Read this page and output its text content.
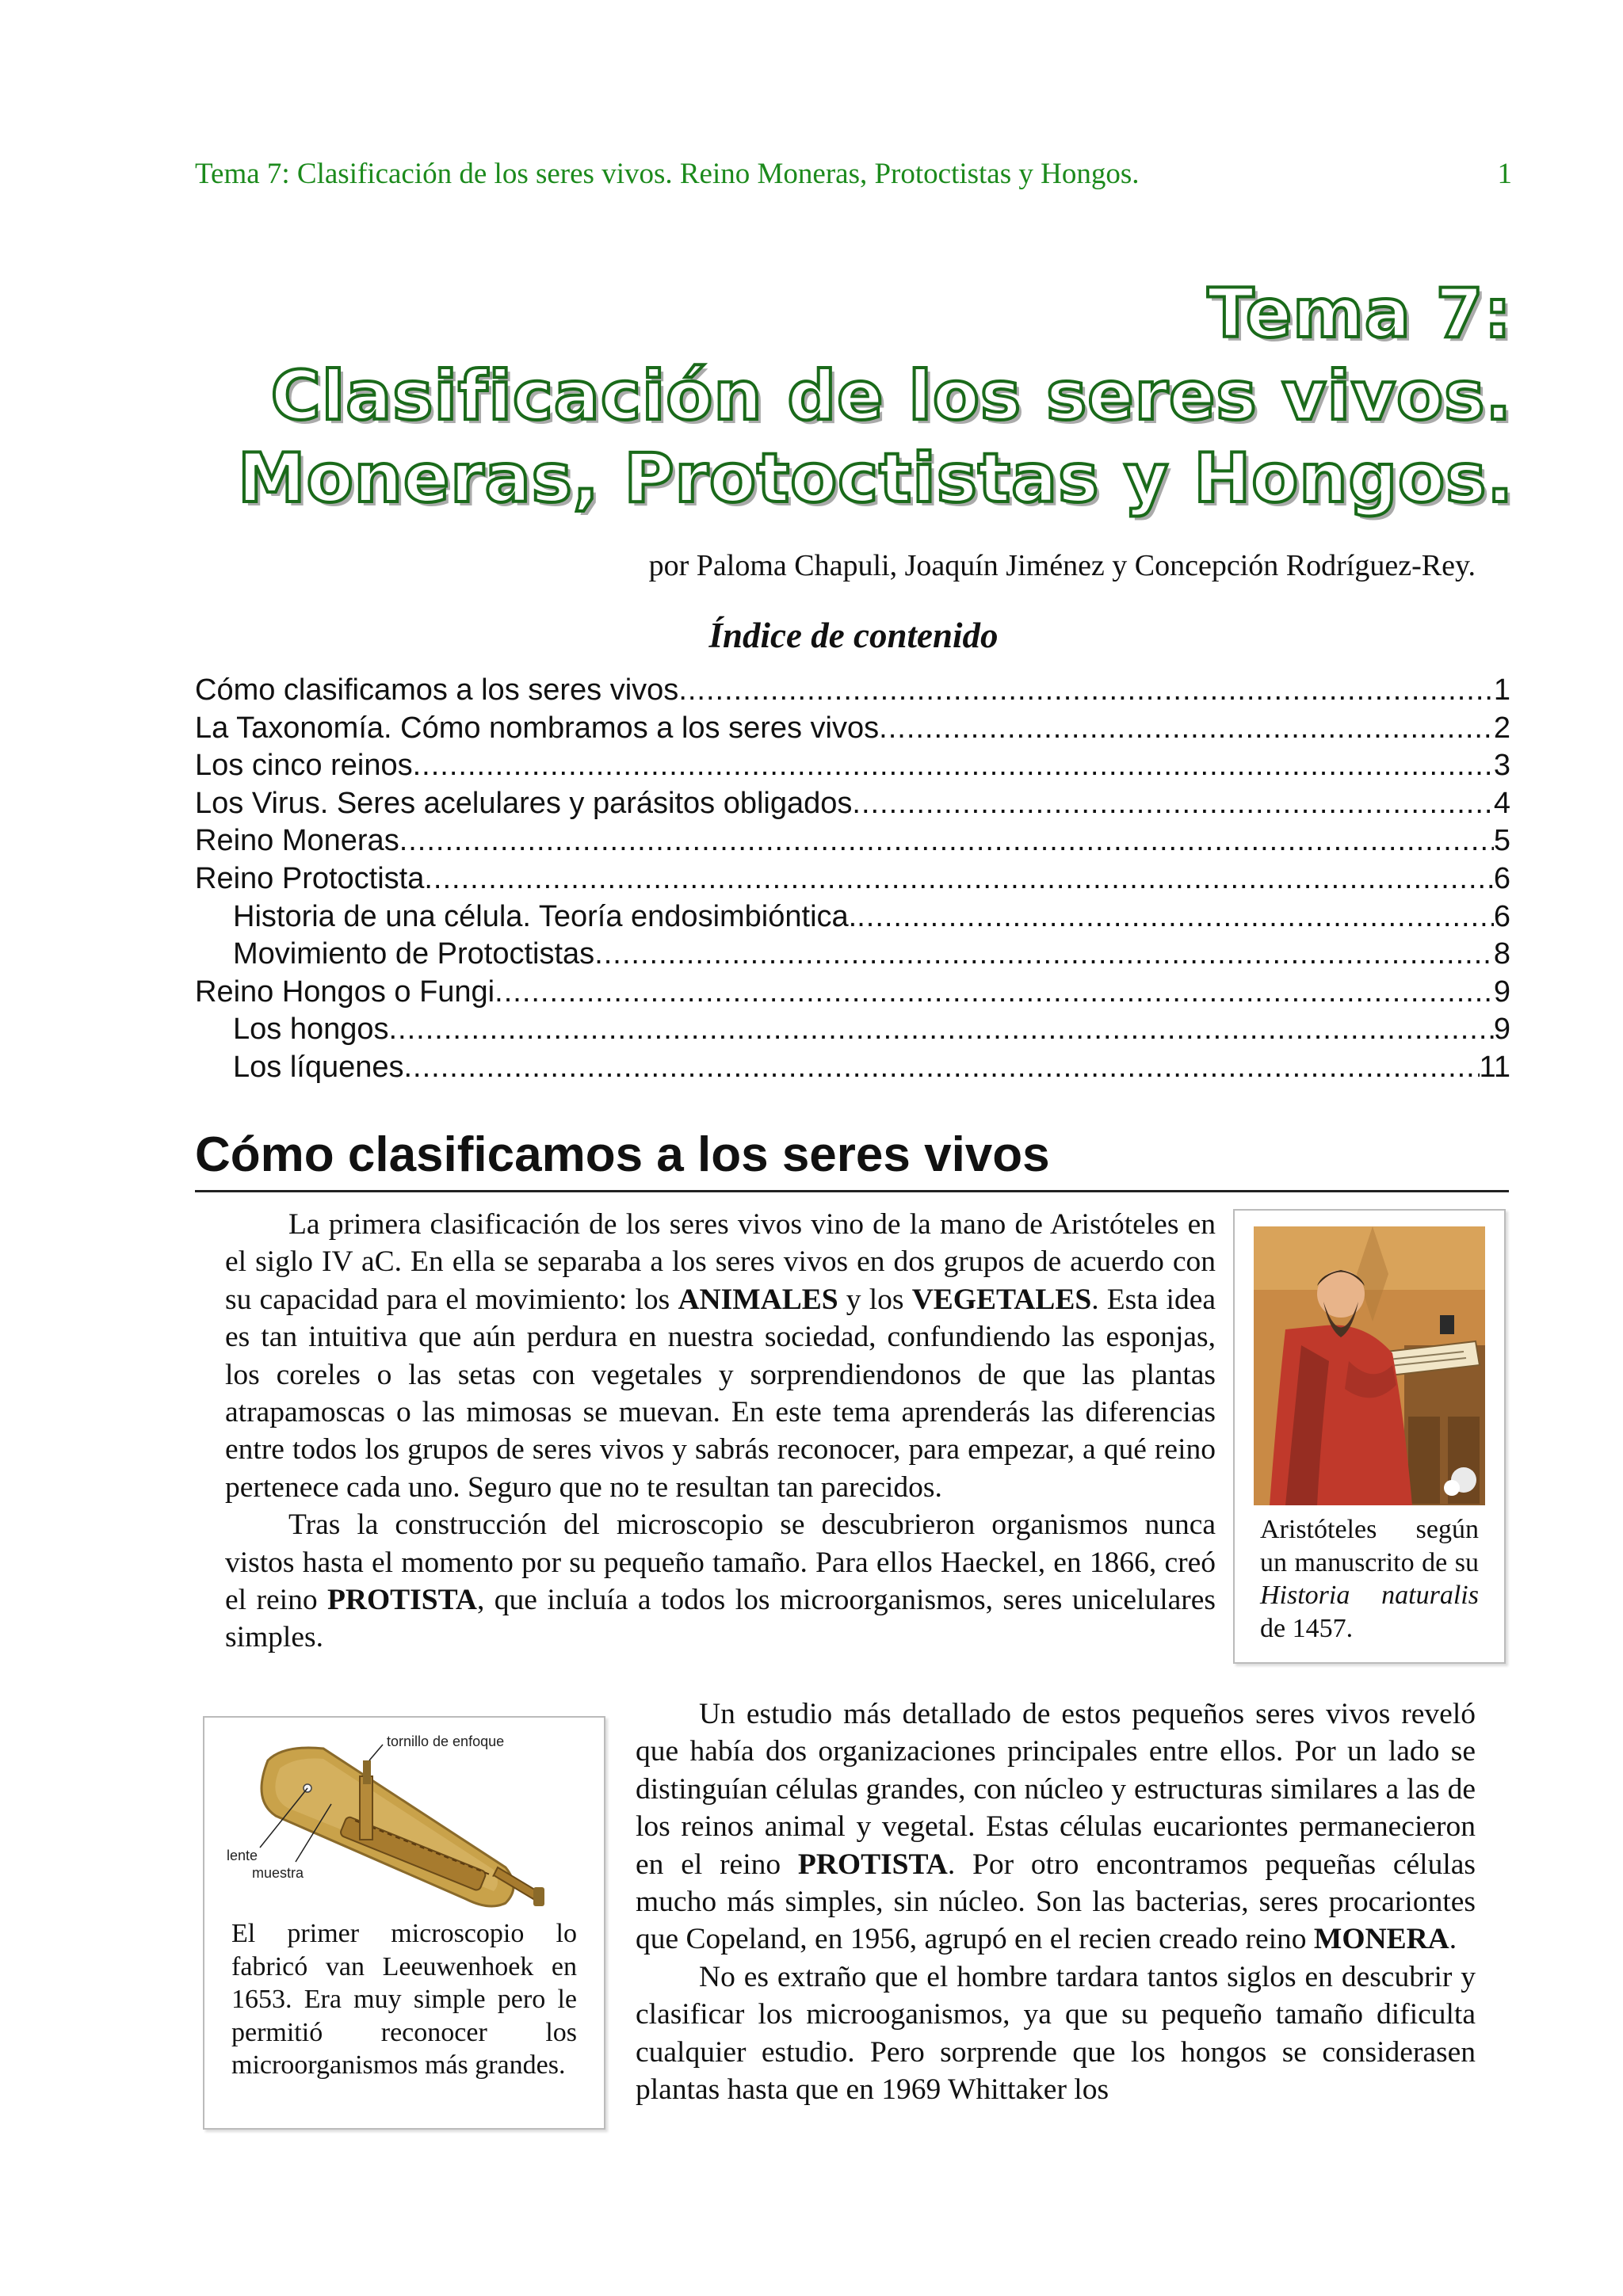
Tema 7: Clasificación de los seres vivos. Reino Moneras, Protoctistas y Hongos.	1
Tema 7:
Clasificación de los seres vivos.
Moneras, Protoctistas y Hongos.
por Paloma Chapuli, Joaquín Jiménez y Concepción Rodríguez-Rey.
Índice de contenido
Cómo clasificamos a los seres vivos .....	1
La Taxonomía. Cómo nombramos a los seres vivos .....	2
Los cinco reinos .....	3
Los Virus. Seres acelulares y parásitos obligados .....	4
Reino Moneras .....	5
Reino Protoctista .....	6
Historia de una célula. Teoría endosimbióntica. .....	6
Movimiento de Protoctistas .....	8
Reino Hongos o Fungi .....	9
Los hongos .....	9
Los líquenes .....	11
Cómo clasificamos a los seres vivos

La primera clasificación de los seres vivos vino de la mano de Aristóteles en el siglo IV aC. En ella se separaba a los seres vivos en dos grupos de acuerdo con su capacidad para el movimiento: los ANIMALES y los VEGETALES. Esta idea es tan intuitiva que aún perdura en nuestra sociedad, confundiendo las esponjas, los coreles o las setas con vegetales y sorprendiendonos de que las plantas atrapamoscas o las mimosas se muevan. En este tema aprenderás las diferencias entre todos los grupos de seres vivos y sabrás reconocer, para empezar, a qué reino pertenece cada uno. Seguro que no te resultan tan parecidos.

Tras la construcción del microscopio se descubrieron organismos nunca vistos hasta el momento por su pequeño tamaño. Para ellos Haeckel, en 1866, creó el reino PROTISTA, que incluía a todos los microorganismos, seres unicelulares simples.

Un estudio más detallado de estos pequeños seres vivos reveló que había dos organizaciones principales entre ellos. Por un lado se distinguían células grandes, con núcleo y estructuras similares a las de los reinos animal y vegetal. Estas células eucariontes permanecieron en el reino PROTISTA. Por otro encontramos pequeñas células mucho más simples, sin núcleo. Son las bacterias, seres procariontes que Copeland, en 1956, agrupó en el recien creado reino MONERA.

No es extraño que el hombre tardara tantos siglos en descubrir y clasificar los microoganismos, ya que su pequeño tamaño dificulta cualquier estudio. Pero sorprende que los hongos se considerasen plantas hasta que en 1969 Whittaker los

Aristóteles según un manuscrito de su Historia naturalis de 1457.
tornillo de enfoque
lente
muestra
El primer microscopio lo fabricó van Leeuwenhoek en 1653. Era muy simple pero le permitió reconocer los microorganismos más grandes.
